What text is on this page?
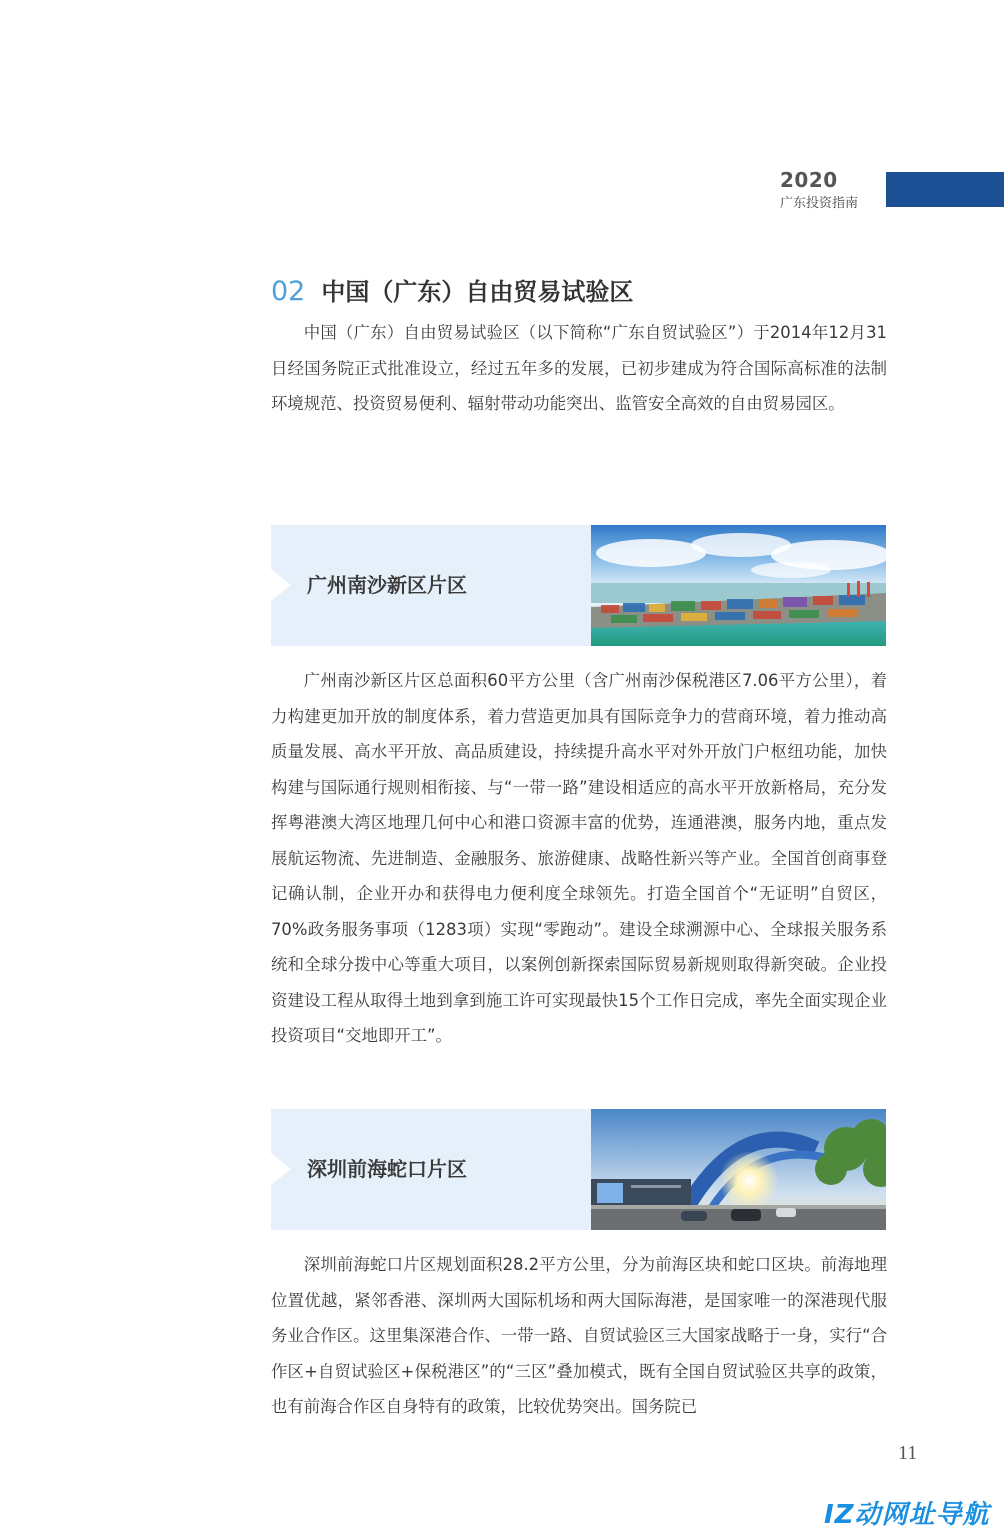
2020
广东投资指南
02 中国（广东）自由贸易试验区

中国（广东）自由贸易试验区（以下简称“广东自贸试验区”）于2014年12月31日经国务院正式批准设立，经过五年多的发展，已初步建成为符合国际高标准的法制环境规范、投资贸易便利、辐射带动功能突出、监管安全高效的自由贸易园区。

广州南沙新区片区

广州南沙新区片区总面积60平方公里（含广州南沙保税港区7.06平方公里），着力构建更加开放的制度体系，着力营造更加具有国际竞争力的营商环境，着力推动高质量发展、高水平开放、高品质建设，持续提升高水平对外开放门户枢纽功能，加快构建与国际通行规则相衔接、与“一带一路”建设相适应的高水平开放新格局，充分发挥粤港澳大湾区地理几何中心和港口资源丰富的优势，连通港澳，服务内地，重点发展航运物流、先进制造、金融服务、旅游健康、战略性新兴等产业。全国首创商事登记确认制，企业开办和获得电力便利度全球领先。打造全国首个“无证明”自贸区，70%政务服务事项（1283项）实现“零跑动”。建设全球溯源中心、全球报关服务系统和全球分拨中心等重大项目，以案例创新探索国际贸易新规则取得新突破。企业投资建设工程从取得土地到拿到施工许可实现最快15个工作日完成，率先全面实现企业投资项目“交地即开工”。

深圳前海蛇口片区

深圳前海蛇口片区规划面积28.2平方公里，分为前海区块和蛇口区块。前海地理位置优越，紧邻香港、深圳两大国际机场和两大国际海港，是国家唯一的深港现代服务业合作区。这里集深港合作、一带一路、自贸试验区三大国家战略于一身，实行“合作区+自贸试验区+保税港区”的“三区”叠加模式，既有全国自贸试验区共享的政策，也有前海合作区自身特有的政策，比较优势突出。国务院已

11
IZ动网址导航
